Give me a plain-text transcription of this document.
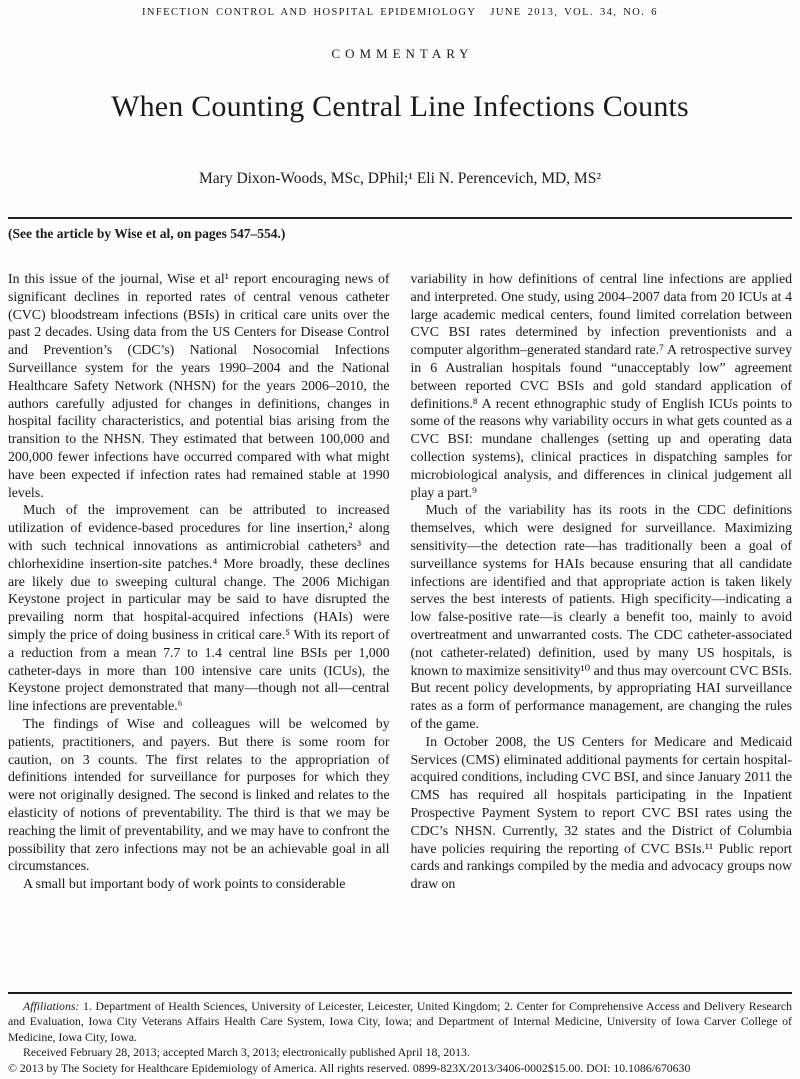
INFECTION CONTROL AND HOSPITAL EPIDEMIOLOGY JUNE 2013, VOL. 34, NO. 6
COMMENTARY
When Counting Central Line Infections Counts
Mary Dixon-Woods, MSc, DPhil;¹ Eli N. Perencevich, MD, MS²
(See the article by Wise et al, on pages 547–554.)

In this issue of the journal, Wise et al¹ report encouraging news of significant declines in reported rates of central venous catheter (CVC) bloodstream infections (BSIs) in critical care units over the past 2 decades. Using data from the US Centers for Disease Control and Prevention’s (CDC’s) National Nosocomial Infections Surveillance system for the years 1990–2004 and the National Healthcare Safety Network (NHSN) for the years 2006–2010, the authors carefully adjusted for changes in definitions, changes in hospital facility characteristics, and potential bias arising from the transition to the NHSN. They estimated that between 100,000 and 200,000 fewer infections have occurred compared with what might have been expected if infection rates had remained stable at 1990 levels.

Much of the improvement can be attributed to increased utilization of evidence-based procedures for line insertion,² along with such technical innovations as antimicrobial catheters³ and chlorhexidine insertion-site patches.⁴ More broadly, these declines are likely due to sweeping cultural change. The 2006 Michigan Keystone project in particular may be said to have disrupted the prevailing norm that hospital-acquired infections (HAIs) were simply the price of doing business in critical care.⁵ With its report of a reduction from a mean 7.7 to 1.4 central line BSIs per 1,000 catheter-days in more than 100 intensive care units (ICUs), the Keystone project demonstrated that many—though not all—central line infections are preventable.⁶

The findings of Wise and colleagues will be welcomed by patients, practitioners, and payers. But there is some room for caution, on 3 counts. The first relates to the appropriation of definitions intended for surveillance for purposes for which they were not originally designed. The second is linked and relates to the elasticity of notions of preventability. The third is that we may be reaching the limit of preventability, and we may have to confront the possibility that zero infections may not be an achievable goal in all circumstances.

A small but important body of work points to considerable

variability in how definitions of central line infections are applied and interpreted. One study, using 2004–2007 data from 20 ICUs at 4 large academic medical centers, found limited correlation between CVC BSI rates determined by infection preventionists and a computer algorithm–generated standard rate.⁷ A retrospective survey in 6 Australian hospitals found “unacceptably low” agreement between reported CVC BSIs and gold standard application of definitions.⁸ A recent ethnographic study of English ICUs points to some of the reasons why variability occurs in what gets counted as a CVC BSI: mundane challenges (setting up and operating data collection systems), clinical practices in dispatching samples for microbiological analysis, and differences in clinical judgement all play a part.⁹

Much of the variability has its roots in the CDC definitions themselves, which were designed for surveillance. Maximizing sensitivity—the detection rate—has traditionally been a goal of surveillance systems for HAIs because ensuring that all candidate infections are identified and that appropriate action is taken likely serves the best interests of patients. High specificity—indicating a low false-positive rate—is clearly a benefit too, mainly to avoid overtreatment and unwarranted costs. The CDC catheter-associated (not catheter-related) definition, used by many US hospitals, is known to maximize sensitivity¹⁰ and thus may overcount CVC BSIs. But recent policy developments, by appropriating HAI surveillance rates as a form of performance management, are changing the rules of the game.

In October 2008, the US Centers for Medicare and Medicaid Services (CMS) eliminated additional payments for certain hospital-acquired conditions, including CVC BSI, and since January 2011 the CMS has required all hospitals participating in the Inpatient Prospective Payment System to report CVC BSI rates using the CDC’s NHSN. Currently, 32 states and the District of Columbia have policies requiring the reporting of CVC BSIs.¹¹ Public report cards and rankings compiled by the media and advocacy groups now draw on

Affiliations: 1. Department of Health Sciences, University of Leicester, Leicester, United Kingdom; 2. Center for Comprehensive Access and Delivery Research and Evaluation, Iowa City Veterans Affairs Health Care System, Iowa City, Iowa; and Department of Internal Medicine, University of Iowa Carver College of Medicine, Iowa City, Iowa.

Received February 28, 2013; accepted March 3, 2013; electronically published April 18, 2013.

© 2013 by The Society for Healthcare Epidemiology of America. All rights reserved. 0899-823X/2013/3406-0002$15.00. DOI: 10.1086/670630
